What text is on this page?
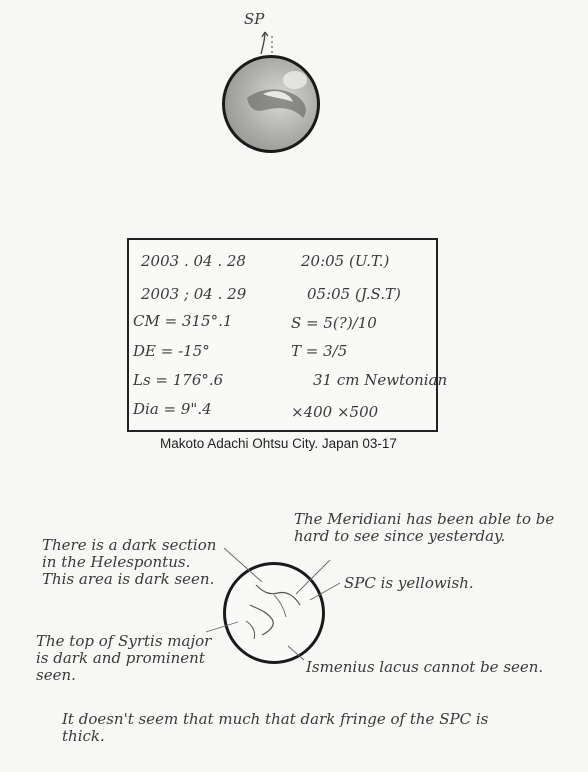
SP
2003 . 04 . 28	20:05 (U.T.)
2003 ; 04 . 29	05:05 (J.S.T)
CM = 315°.1	S = 5(?)/10
DE = -15°	T = 3/5
Ls = 176°.6	31 cm Newtonian
Dia = 9".4	×400 ×500
Makoto Adachi Ohtsu City. Japan 03-17
There is a dark section in the Helespontus. This area is dark seen.
The Meridiani has been able to be hard to see since yesterday.
SPC is yellowish.
The top of Syrtis major is dark and prominent seen.	Ismenius lacus cannot be seen.
It doesn't seem that much that dark fringe of the SPC is thick.
